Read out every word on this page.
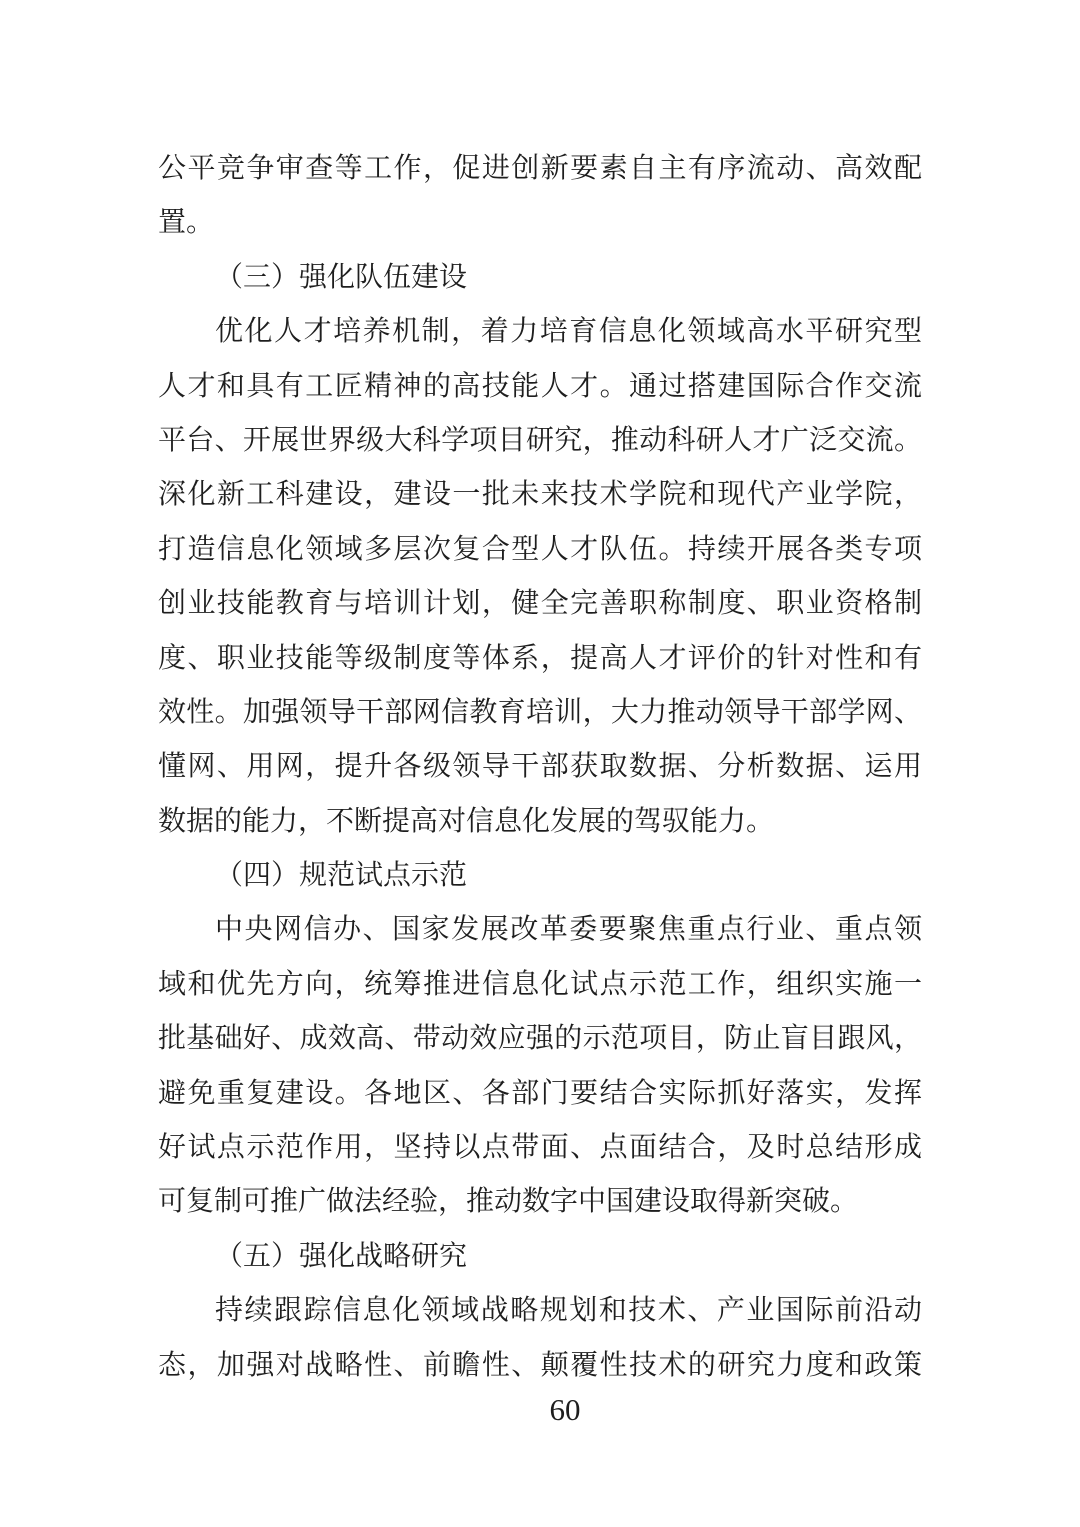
公平竞争审查等工作，促进创新要素自主有序流动、高效配
置。
（三）强化队伍建设
优化人才培养机制，着力培育信息化领域高水平研究型
人才和具有工匠精神的高技能人才。通过搭建国际合作交流
平台、开展世界级大科学项目研究，推动科研人才广泛交流。
深化新工科建设，建设一批未来技术学院和现代产业学院，
打造信息化领域多层次复合型人才队伍。持续开展各类专项
创业技能教育与培训计划，健全完善职称制度、职业资格制
度、职业技能等级制度等体系，提高人才评价的针对性和有
效性。加强领导干部网信教育培训，大力推动领导干部学网、
懂网、用网，提升各级领导干部获取数据、分析数据、运用
数据的能力，不断提高对信息化发展的驾驭能力。
（四）规范试点示范
中央网信办、国家发展改革委要聚焦重点行业、重点领
域和优先方向，统筹推进信息化试点示范工作，组织实施一
批基础好、成效高、带动效应强的示范项目，防止盲目跟风，
避免重复建设。各地区、各部门要结合实际抓好落实，发挥
好试点示范作用，坚持以点带面、点面结合，及时总结形成
可复制可推广做法经验，推动数字中国建设取得新突破。
（五）强化战略研究
持续跟踪信息化领域战略规划和技术、产业国际前沿动
态，加强对战略性、前瞻性、颠覆性技术的研究力度和政策
60
